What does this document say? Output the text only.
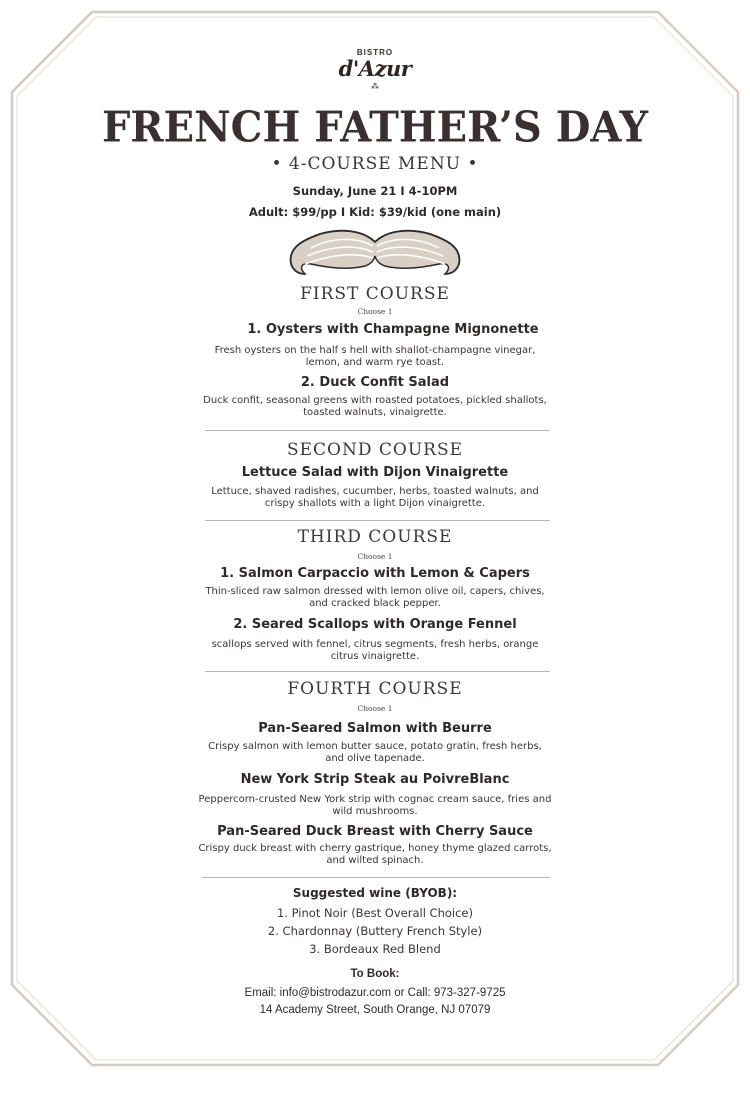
BISTRO
d'Azur
⁂
FRENCH FATHER’S DAY
• 4-COURSE MENU •
Sunday, June 21 I 4-10PM
Adult: $99/pp I Kid: $39/kid (one main)
FIRST COURSE
Choose 1
1. Oysters with Champagne Mignonette
Fresh oysters on the half s hell with shallot-champagne vinegar,
lemon, and warm rye toast.
2. Duck Confit Salad
Duck confit, seasonal greens with roasted potatoes, pickled shallots,
toasted walnuts, vinaigrette.
SECOND COURSE
Lettuce Salad with Dijon Vinaigrette
Lettuce, shaved radishes, cucumber, herbs, toasted walnuts, and
crispy shallots with a light Dijon vinaigrette.
THIRD COURSE
Choose 1
1. Salmon Carpaccio with Lemon & Capers
Thin-sliced raw salmon dressed with lemon olive oil, capers, chives,
and cracked black pepper.
2. Seared Scallops with Orange Fennel
scallops served with fennel, citrus segments, fresh herbs, orange
citrus vinaigrette.
FOURTH COURSE
Choose 1
Pan-Seared Salmon with Beurre
Crispy salmon with lemon butter sauce, potato gratin, fresh herbs,
and olive tapenade.
New York Strip Steak au PoivreBlanc
Peppercorn-crusted New York strip with cognac cream sauce, fries and
wild mushrooms.
Pan-Seared Duck Breast with Cherry Sauce
Crispy duck breast with cherry gastrique, honey thyme glazed carrots,
and wilted spinach.
Suggested wine (BYOB):
1. Pinot Noir (Best Overall Choice)
2. Chardonnay (Buttery French Style)
3. Bordeaux Red Blend
To Book:
Email: info@bistrodazur.com or Call: 973-327-9725
14 Academy Street, South Orange, NJ 07079
